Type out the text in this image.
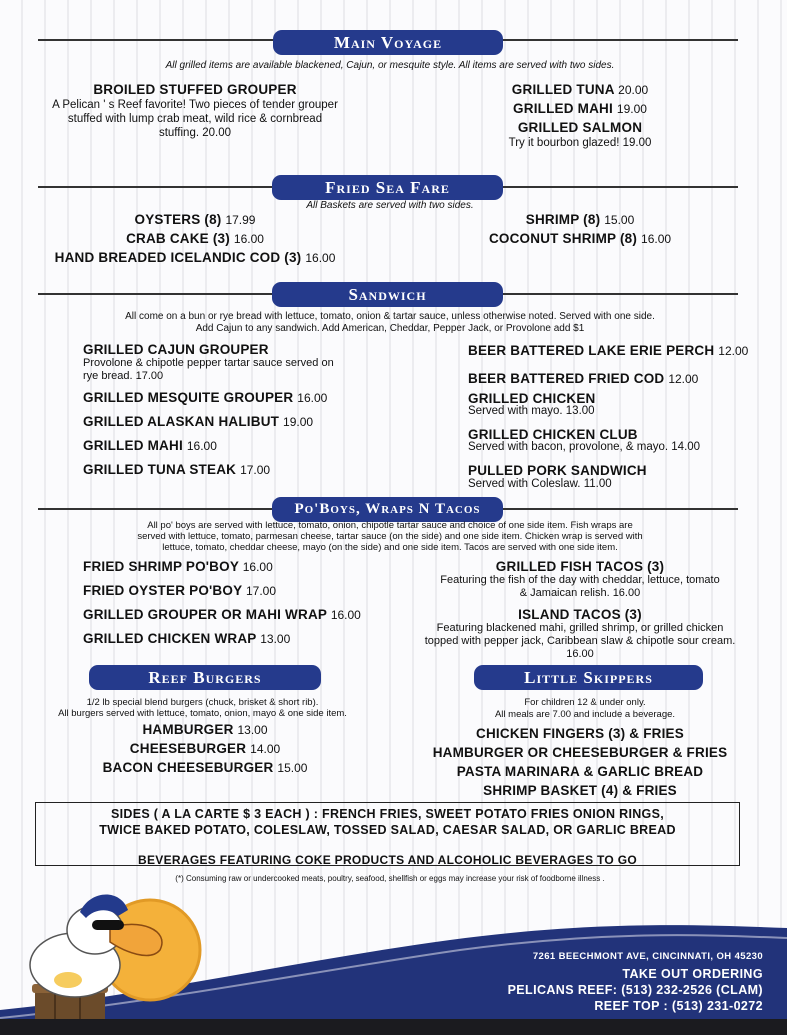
Main Voyage
All grilled items are available blackened, Cajun, or mesquite style. All items are served with two sides.
BROILED STUFFED GROUPER
A Pelican ' s Reef favorite! Two pieces of tender grouper stuffed with lump crab meat, wild rice & cornbread stuffing. 20.00
GRILLED TUNA 20.00
GRILLED MAHI 19.00
GRILLED SALMON
Try it bourbon glazed! 19.00
Fried Sea Fare
All Baskets are served with two sides.
OYSTERS (8) 17.99
CRAB CAKE (3) 16.00
HAND BREADED ICELANDIC COD (3) 16.00
SHRIMP (8) 15.00
COCONUT SHRIMP (8) 16.00
Sandwich
All come on a bun or rye bread with lettuce, tomato, onion & tartar sauce, unless otherwise noted. Served with one side.
Add Cajun to any sandwich. Add American, Cheddar, Pepper Jack, or Provolone add $1
GRILLED CAJUN GROUPER
Provolone & chipotle pepper tartar sauce served on rye bread. 17.00
GRILLED MESQUITE GROUPER 16.00
GRILLED ALASKAN HALIBUT 19.00
GRILLED MAHI 16.00
GRILLED TUNA STEAK 17.00
BEER BATTERED LAKE ERIE PERCH 12.00
BEER BATTERED FRIED COD 12.00
GRILLED CHICKEN
Served with mayo. 13.00
GRILLED CHICKEN CLUB
Served with bacon, provolone, & mayo. 14.00
PULLED PORK SANDWICH
Served with Coleslaw. 11.00
Po'Boys, Wraps N Tacos
All po' boys are served with lettuce, tomato, onion, chipotle tartar sauce and choice of one side item. Fish wraps are
served with lettuce, tomato, parmesan cheese, tartar sauce (on the side) and one side item. Chicken wrap is served with
lettuce, tomato, cheddar cheese, mayo (on the side) and one side item. Tacos are served with one side item.
FRIED SHRIMP PO'BOY 16.00
FRIED OYSTER PO'BOY 17.00
GRILLED GROUPER OR MAHI WRAP 16.00
GRILLED CHICKEN WRAP 13.00
GRILLED FISH TACOS (3)
Featuring the fish of the day with cheddar, lettuce, tomato & Jamaican relish. 16.00
ISLAND TACOS (3)
Featuring blackened mahi, grilled shrimp, or grilled chicken topped with pepper jack, Caribbean slaw & chipotle sour cream. 16.00
Reef Burgers
1/2 lb special blend burgers (chuck, brisket & short rib).
All burgers served with lettuce, tomato, onion, mayo & one side item.
HAMBURGER 13.00
CHEESEBURGER 14.00
BACON CHEESEBURGER 15.00
Little Skippers
For children 12 & under only.
All meals are 7.00 and include a beverage.
CHICKEN FINGERS (3) & FRIES
HAMBURGER OR CHEESEBURGER & FRIES
PASTA MARINARA & GARLIC BREAD
SHRIMP BASKET (4) & FRIES
SIDES ( A LA CARTE $ 3 EACH ) : FRENCH FRIES, SWEET POTATO FRIES ONION RINGS,
TWICE BAKED POTATO, COLESLAW, TOSSED SALAD, CAESAR SALAD, OR GARLIC BREAD
BEVERAGES FEATURING COKE PRODUCTS AND ALCOHOLIC BEVERAGES TO GO
(*) Consuming raw or undercooked meats, poultry, seafood, shellfish or eggs may increase your risk of foodborne illness .
7261 BEECHMONT AVE, CINCINNATI, OH 45230
TAKE OUT ORDERING
PELICANS REEF: (513) 232-2526 (CLAM)
REEF TOP : (513) 231-0272
